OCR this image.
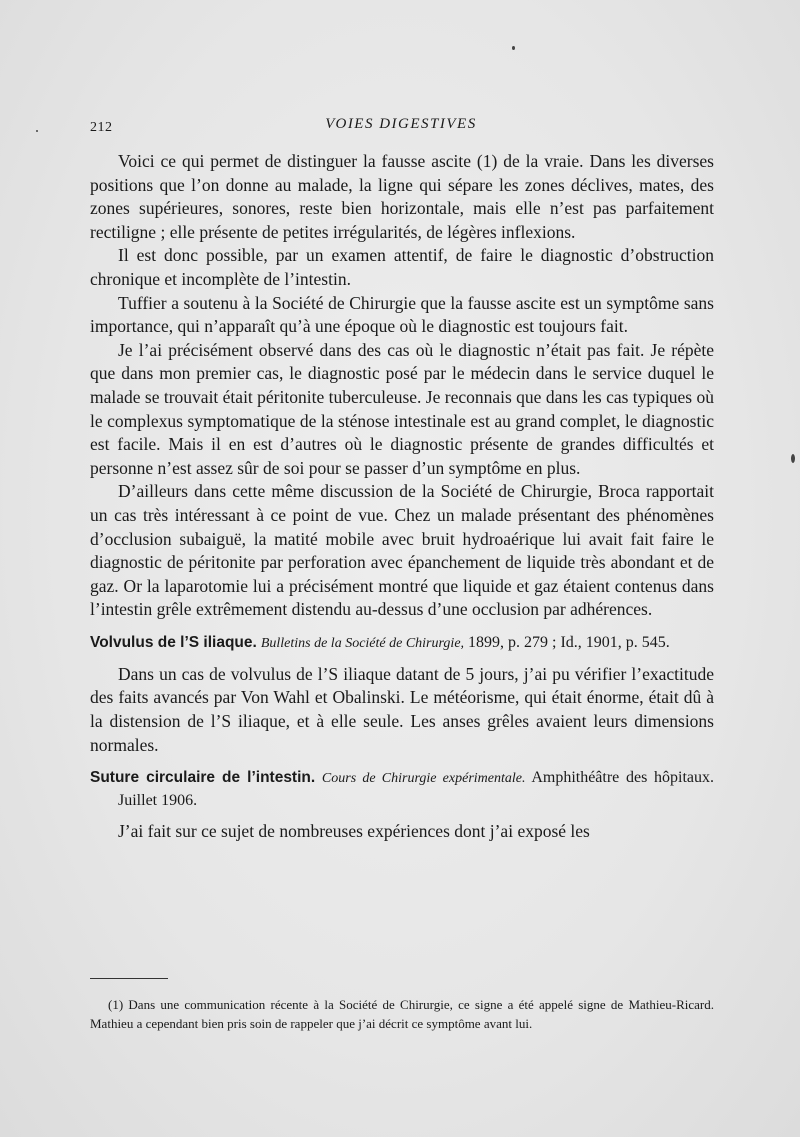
212	VOIES DIGESTIVES

Voici ce qui permet de distinguer la fausse ascite (1) de la vraie. Dans les diverses positions que l’on donne au malade, la ligne qui sépare les zones déclives, mates, des zones supérieures, sonores, reste bien horizontale, mais elle n’est pas parfaitement rectiligne ; elle présente de petites irrégularités, de légères inflexions.

Il est donc possible, par un examen attentif, de faire le diagnostic d’obstruction chronique et incomplète de l’intestin.

Tuffier a soutenu à la Société de Chirurgie que la fausse ascite est un symptôme sans importance, qui n’apparaît qu’à une époque où le diagnostic est toujours fait.

Je l’ai précisément observé dans des cas où le diagnostic n’était pas fait. Je répète que dans mon premier cas, le diagnostic posé par le médecin dans le service duquel le malade se trouvait était péritonite tuberculeuse. Je reconnais que dans les cas typiques où le complexus symptomatique de la sténose intestinale est au grand complet, le diagnostic est facile. Mais il en est d’autres où le diagnostic présente de grandes difficultés et personne n’est assez sûr de soi pour se passer d’un symptôme en plus.

D’ailleurs dans cette même discussion de la Société de Chirurgie, Broca rapportait un cas très intéressant à ce point de vue. Chez un malade présentant des phénomènes d’occlusion subaiguë, la matité mobile avec bruit hydroaérique lui avait fait faire le diagnostic de péritonite par perforation avec épanchement de liquide très abondant et de gaz. Or la laparotomie lui a précisément montré que liquide et gaz étaient contenus dans l’intestin grêle extrêmement distendu au-dessus d’une occlusion par adhérences.

Volvulus de l’S iliaque. Bulletins de la Société de Chirurgie, 1899, p. 279 ; Id., 1901, p. 545.

Dans un cas de volvulus de l’S iliaque datant de 5 jours, j’ai pu vérifier l’exactitude des faits avancés par Von Wahl et Obalinski. Le météorisme, qui était énorme, était dû à la distension de l’S iliaque, et à elle seule. Les anses grêles avaient leurs dimensions normales.

Suture circulaire de l’intestin. Cours de Chirurgie expérimentale. Amphithéâtre des hôpitaux. Juillet 1906.

J’ai fait sur ce sujet de nombreuses expériences dont j’ai exposé les

(1) Dans une communication récente à la Société de Chirurgie, ce signe a été appelé signe de Mathieu-Ricard. Mathieu a cependant bien pris soin de rappeler que j’ai décrit ce symptôme avant lui.
